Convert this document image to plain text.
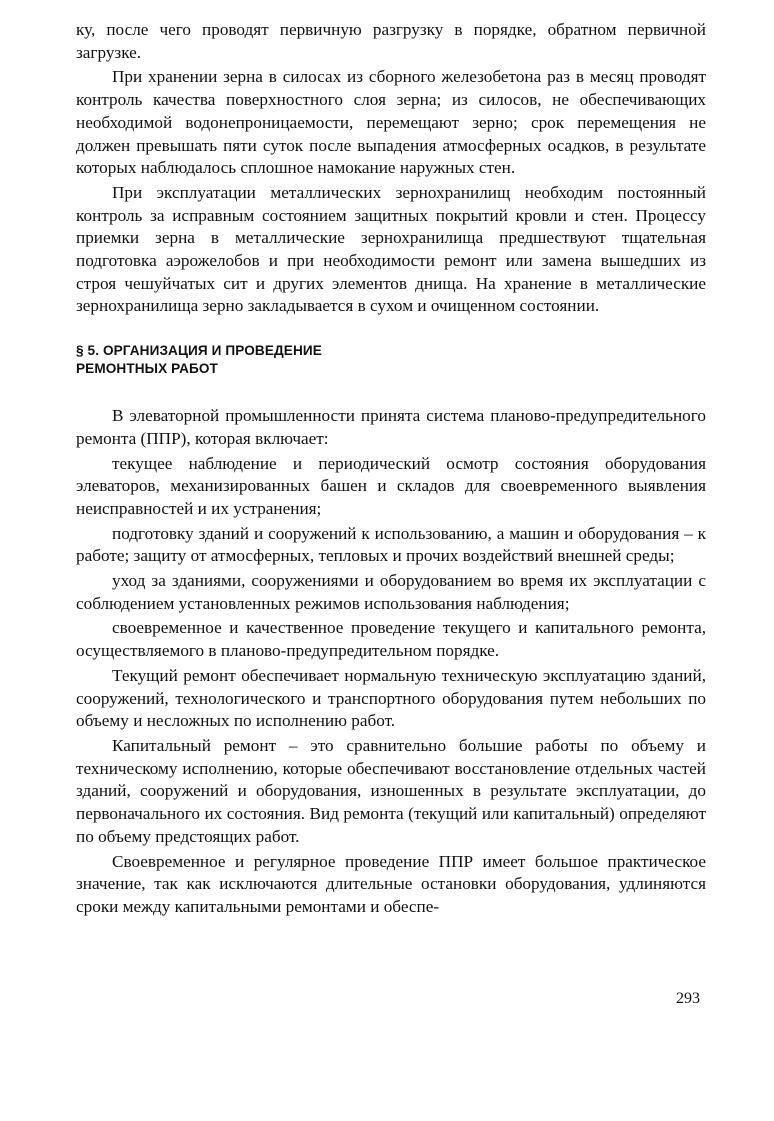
ку, после чего проводят первичную разгрузку в порядке, обратном первичной загрузке.

При хранении зерна в силосах из сборного железобетона раз в месяц проводят контроль качества поверхностного слоя зерна; из силосов, не обеспечивающих необходимой водонепроницаемости, перемещают зерно; срок перемещения не должен превышать пяти суток после выпадения атмосферных осадков, в результате которых наблюдалось сплошное намокание наружных стен.

При эксплуатации металлических зернохранилищ необходим постоянный контроль за исправным состоянием защитных покрытий кровли и стен. Процессу приемки зерна в металлические зернохранилища предшествуют тщательная подготовка аэрожелобов и при необходимости ремонт или замена вышедших из строя чешуйчатых сит и других элементов днища. На хранение в металлические зернохранилища зерно закладывается в сухом и очищенном состоянии.

§ 5. ОРГАНИЗАЦИЯ И ПРОВЕДЕНИЕ

РЕМОНТНЫХ РАБОТ

В элеваторной промышленности принята система планово-предупредительного ремонта (ППР), которая включает:

текущее наблюдение и периодический осмотр состояния оборудования элеваторов, механизированных башен и складов для своевременного выявления неисправностей и их устранения;

подготовку зданий и сооружений к использованию, а машин и оборудования – к работе; защиту от атмосферных, тепловых и прочих воздействий внешней среды;

уход за зданиями, сооружениями и оборудованием во время их эксплуатации с соблюдением установленных режимов использования наблюдения;

своевременное и качественное проведение текущего и капитального ремонта, осуществляемого в планово-предупредительном порядке.

Текущий ремонт обеспечивает нормальную техническую эксплуатацию зданий, сооружений, технологического и транспортного оборудования путем небольших по объему и несложных по исполнению работ.

Капитальный ремонт – это сравнительно большие работы по объему и техническому исполнению, которые обеспечивают восстановление отдельных частей зданий, сооружений и оборудования, изношенных в результате эксплуатации, до первоначального их состояния. Вид ремонта (текущий или капитальный) определяют по объему предстоящих работ.

Своевременное и регулярное проведение ППР имеет большое практическое значение, так как исключаются длительные остановки оборудования, удлиняются сроки между капитальными ремонтами и обеспе-

293
